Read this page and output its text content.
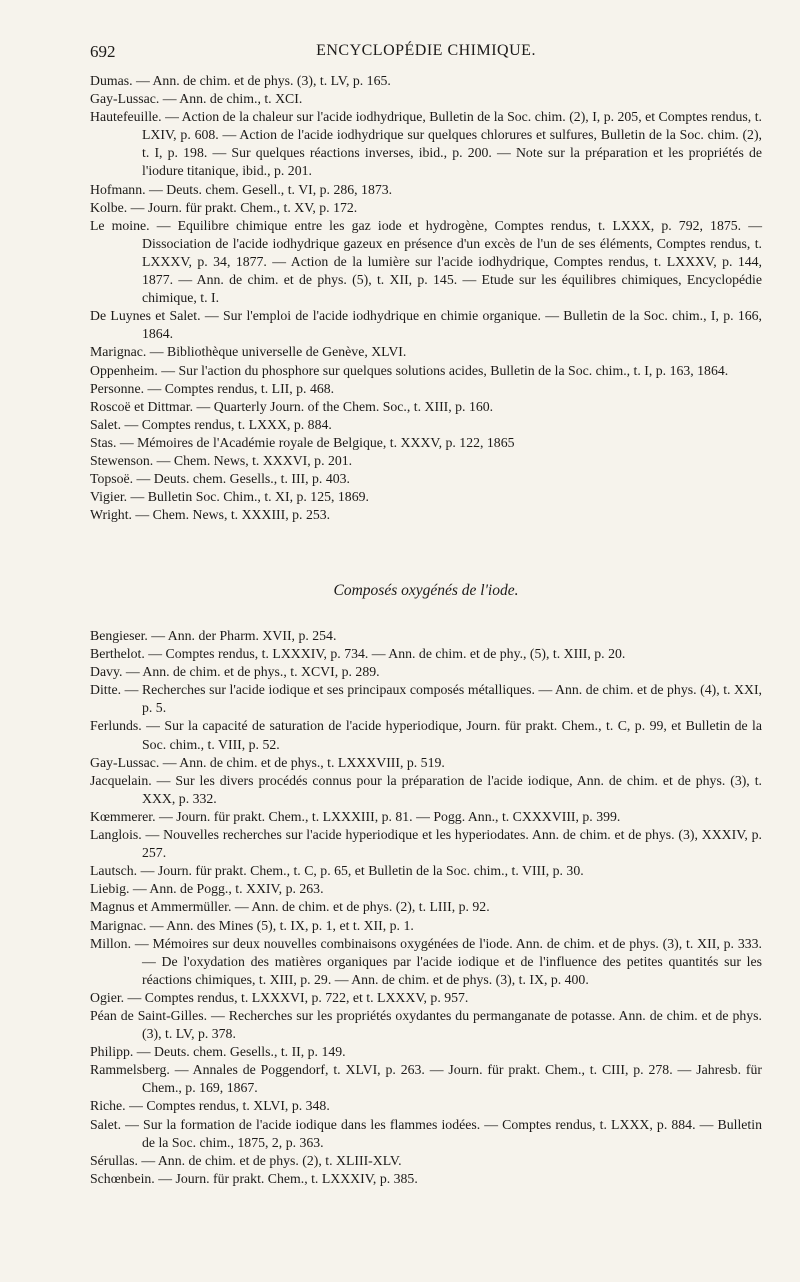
692	ENCYCLOPÉDIE CHIMIQUE.

Dumas. — Ann. de chim. et de phys. (3), t. LV, p. 165.

Gay-Lussac. — Ann. de chim., t. XCI.

Hautefeuille. — Action de la chaleur sur l'acide iodhydrique, Bulletin de la Soc. chim. (2), I, p. 205, et Comptes rendus, t. LXIV, p. 608. — Action de l'acide iodhydrique sur quelques chlorures et sulfures, Bulletin de la Soc. chim. (2), t. I, p. 198. — Sur quelques réactions inverses, ibid., p. 200. — Note sur la préparation et les propriétés de l'iodure titanique, ibid., p. 201.

Hofmann. — Deuts. chem. Gesell., t. VI, p. 286, 1873.

Kolbe. — Journ. für prakt. Chem., t. XV, p. 172.

Le moine. — Equilibre chimique entre les gaz iode et hydrogène, Comptes rendus, t. LXXX, p. 792, 1875. — Dissociation de l'acide iodhydrique gazeux en présence d'un excès de l'un de ses éléments, Comptes rendus, t. LXXXV, p. 34, 1877. — Action de la lumière sur l'acide iodhydrique, Comptes rendus, t. LXXXV, p. 144, 1877. — Ann. de chim. et de phys. (5), t. XII, p. 145. — Etude sur les équilibres chimiques, Encyclopédie chimique, t. I.

De Luynes et Salet. — Sur l'emploi de l'acide iodhydrique en chimie organique. — Bulletin de la Soc. chim., I, p. 166, 1864.

Marignac. — Bibliothèque universelle de Genève, XLVI.

Oppenheim. — Sur l'action du phosphore sur quelques solutions acides, Bulletin de la Soc. chim., t. I, p. 163, 1864.

Personne. — Comptes rendus, t. LII, p. 468.

Roscoë et Dittmar. — Quarterly Journ. of the Chem. Soc., t. XIII, p. 160.

Salet. — Comptes rendus, t. LXXX, p. 884.

Stas. — Mémoires de l'Académie royale de Belgique, t. XXXV, p. 122, 1865

Stewenson. — Chem. News, t. XXXVI, p. 201.

Topsoë. — Deuts. chem. Gesells., t. III, p. 403.

Vigier. — Bulletin Soc. Chim., t. XI, p. 125, 1869.

Wright. — Chem. News, t. XXXIII, p. 253.

Composés oxygénés de l'iode.

Bengieser. — Ann. der Pharm. XVII, p. 254.

Berthelot. — Comptes rendus, t. LXXXIV, p. 734. — Ann. de chim. et de phy., (5), t. XIII, p. 20.

Davy. — Ann. de chim. et de phys., t. XCVI, p. 289.

Ditte. — Recherches sur l'acide iodique et ses principaux composés métalliques. — Ann. de chim. et de phys. (4), t. XXI, p. 5.

Ferlunds. — Sur la capacité de saturation de l'acide hyperiodique, Journ. für prakt. Chem., t. C, p. 99, et Bulletin de la Soc. chim., t. VIII, p. 52.

Gay-Lussac. — Ann. de chim. et de phys., t. LXXXVIII, p. 519.

Jacquelain. — Sur les divers procédés connus pour la préparation de l'acide iodique, Ann. de chim. et de phys. (3), t. XXX, p. 332.

Kœmmerer. — Journ. für prakt. Chem., t. LXXXIII, p. 81. — Pogg. Ann., t. CXXXVIII, p. 399.

Langlois. — Nouvelles recherches sur l'acide hyperiodique et les hyperiodates. Ann. de chim. et de phys. (3), XXXIV, p. 257.

Lautsch. — Journ. für prakt. Chem., t. C, p. 65, et Bulletin de la Soc. chim., t. VIII, p. 30.

Liebig. — Ann. de Pogg., t. XXIV, p. 263.

Magnus et Ammermüller. — Ann. de chim. et de phys. (2), t. LIII, p. 92.

Marignac. — Ann. des Mines (5), t. IX, p. 1, et t. XII, p. 1.

Millon. — Mémoires sur deux nouvelles combinaisons oxygénées de l'iode. Ann. de chim. et de phys. (3), t. XII, p. 333. — De l'oxydation des matières organiques par l'acide iodique et de l'influence des petites quantités sur les réactions chimiques, t. XIII, p. 29. — Ann. de chim. et de phys. (3), t. IX, p. 400.

Ogier. — Comptes rendus, t. LXXXVI, p. 722, et t. LXXXV, p. 957.

Péan de Saint-Gilles. — Recherches sur les propriétés oxydantes du permanganate de potasse. Ann. de chim. et de phys. (3), t. LV, p. 378.

Philipp. — Deuts. chem. Gesells., t. II, p. 149.

Rammelsberg. — Annales de Poggendorf, t. XLVI, p. 263. — Journ. für prakt. Chem., t. CIII, p. 278. — Jahresb. für Chem., p. 169, 1867.

Riche. — Comptes rendus, t. XLVI, p. 348.

Salet. — Sur la formation de l'acide iodique dans les flammes iodées. — Comptes rendus, t. LXXX, p. 884. — Bulletin de la Soc. chim., 1875, 2, p. 363.

Sérullas. — Ann. de chim. et de phys. (2), t. XLIII-XLV.

Schœnbein. — Journ. für prakt. Chem., t. LXXXIV, p. 385.
